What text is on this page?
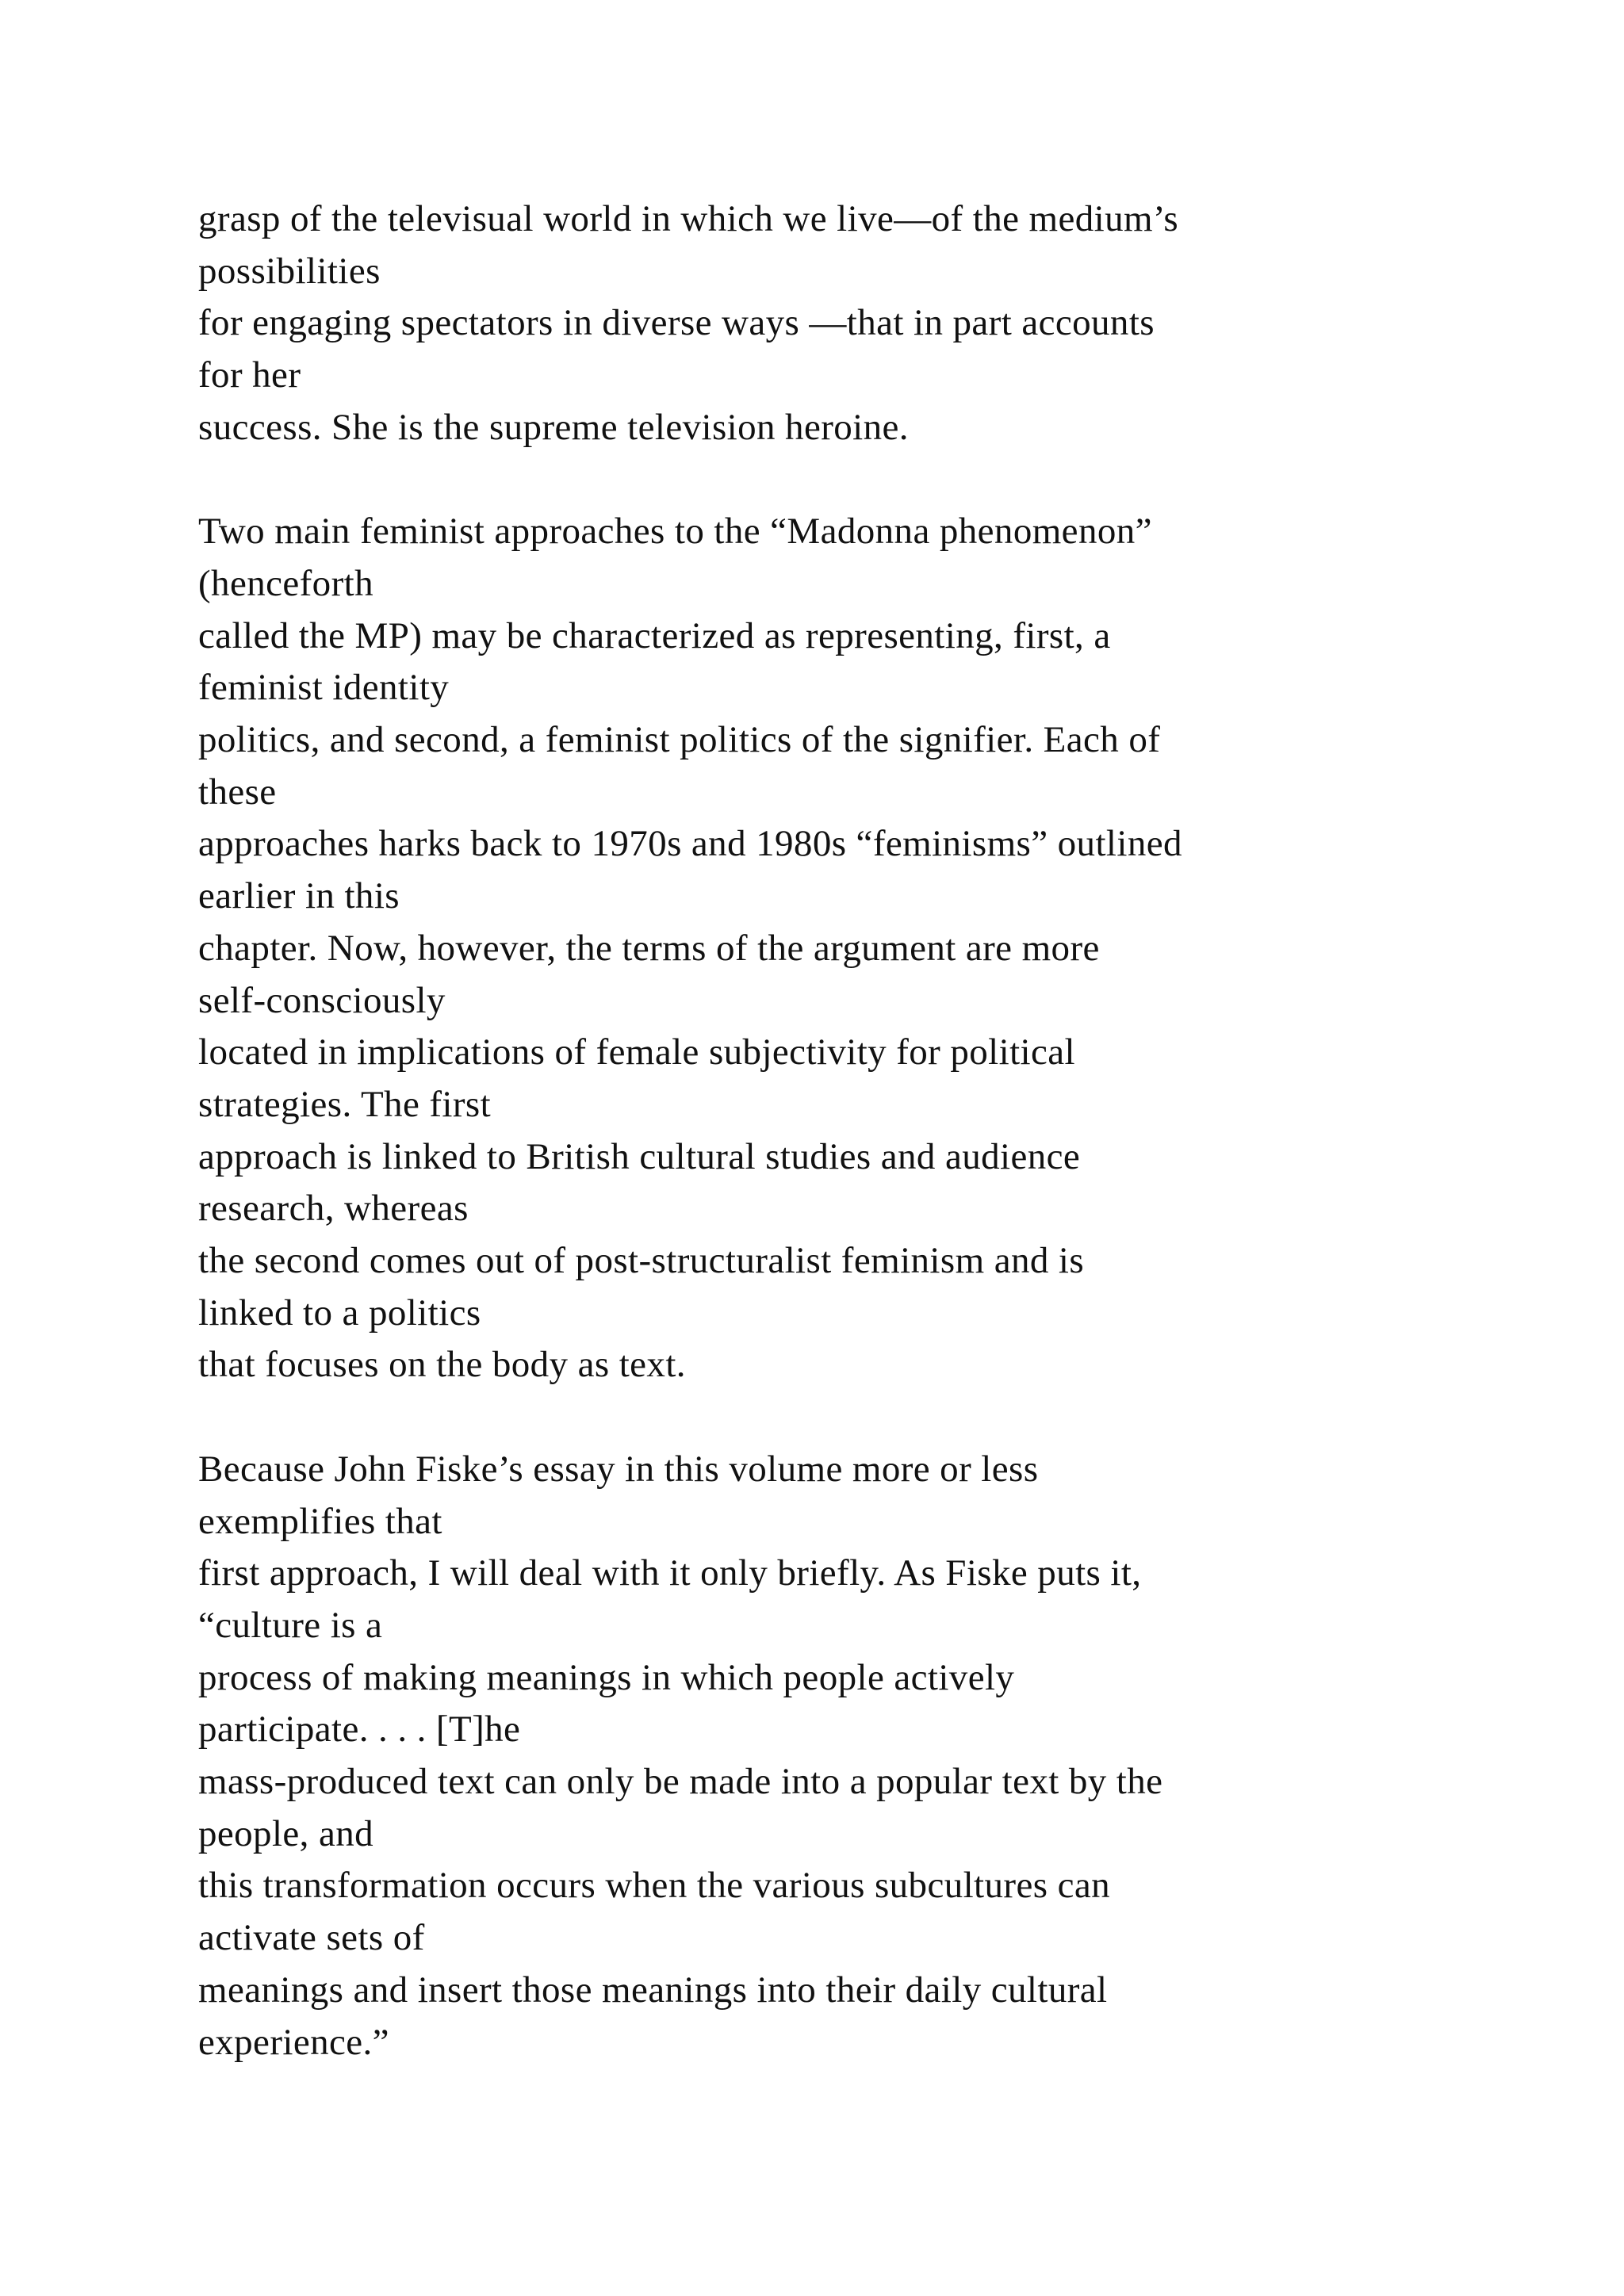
grasp of the televisual world in which we live—of the medium’s
possibilities
for engaging spectators in diverse ways —that in part accounts
for her
success. She is the supreme television heroine.
Two main feminist approaches to the “Madonna phenomenon”
(henceforth
called the MP) may be characterized as representing, first, a
feminist identity
politics, and second, a feminist politics of the signifier. Each of
these
approaches harks back to 1970s and 1980s “feminisms” outlined
earlier in this
chapter. Now, however, the terms of the argument are more
self-consciously
located in implications of female subjectivity for political
strategies. The first
approach is linked to British cultural studies and audience
research, whereas
the second comes out of post-structuralist feminism and is
linked to a politics
that focuses on the body as text.
Because John Fiske’s essay in this volume more or less
exemplifies that
first approach, I will deal with it only briefly. As Fiske puts it,
“culture is a
process of making meanings in which people actively
participate. . . . [T]he
mass-produced text can only be made into a popular text by the
people, and
this transformation occurs when the various subcultures can
activate sets of
meanings and insert those meanings into their daily cultural
experience.”
